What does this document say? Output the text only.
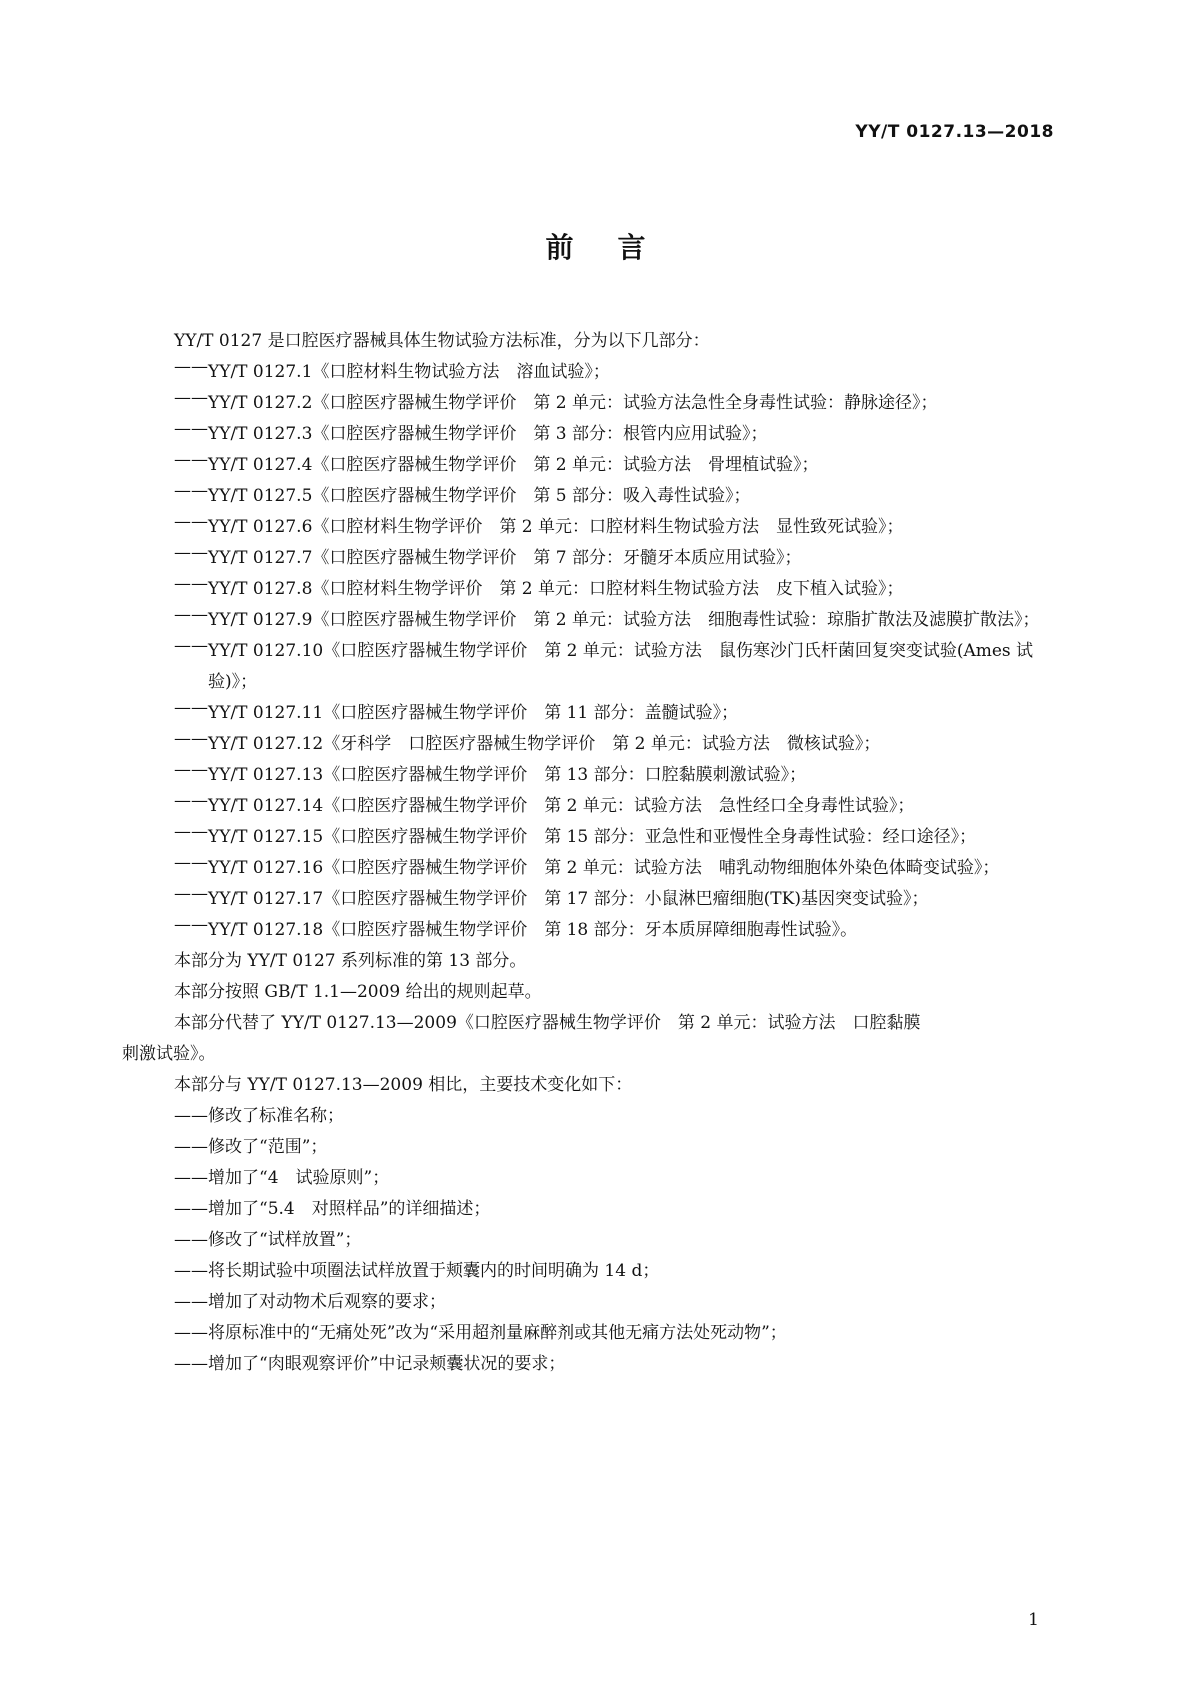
YY/T 0127.13—2018
前言
YY/T 0127 是口腔医疗器械具体生物试验方法标准，分为以下几部分：
—— YY/T 0127.1《口腔材料生物试验方法　溶血试验》；
—— YY/T 0127.2《口腔医疗器械生物学评价　第 2 单元：试验方法急性全身毒性试验：静脉途径》；
—— YY/T 0127.3《口腔医疗器械生物学评价　第 3 部分：根管内应用试验》；
—— YY/T 0127.4《口腔医疗器械生物学评价　第 2 单元：试验方法　骨埋植试验》；
—— YY/T 0127.5《口腔医疗器械生物学评价　第 5 部分：吸入毒性试验》；
—— YY/T 0127.6《口腔材料生物学评价　第 2 单元：口腔材料生物试验方法　显性致死试验》；
—— YY/T 0127.7《口腔医疗器械生物学评价　第 7 部分：牙髓牙本质应用试验》；
—— YY/T 0127.8《口腔材料生物学评价　第 2 单元：口腔材料生物试验方法　皮下植入试验》；
—— YY/T 0127.9《口腔医疗器械生物学评价　第 2 单元：试验方法　细胞毒性试验：琼脂扩散法及滤膜扩散法》；
—— YY/T 0127.10《口腔医疗器械生物学评价　第 2 单元：试验方法　鼠伤寒沙门氏杆菌回复突变试验(Ames 试验)》；
—— YY/T 0127.11《口腔医疗器械生物学评价　第 11 部分：盖髓试验》；
—— YY/T 0127.12《牙科学　口腔医疗器械生物学评价　第 2 单元：试验方法　微核试验》；
—— YY/T 0127.13《口腔医疗器械生物学评价　第 13 部分：口腔黏膜刺激试验》；
—— YY/T 0127.14《口腔医疗器械生物学评价　第 2 单元：试验方法　急性经口全身毒性试验》；
—— YY/T 0127.15《口腔医疗器械生物学评价　第 15 部分：亚急性和亚慢性全身毒性试验：经口途径》；
—— YY/T 0127.16《口腔医疗器械生物学评价　第 2 单元：试验方法　哺乳动物细胞体外染色体畸变试验》；
—— YY/T 0127.17《口腔医疗器械生物学评价　第 17 部分：小鼠淋巴瘤细胞(TK)基因突变试验》；
—— YY/T 0127.18《口腔医疗器械生物学评价　第 18 部分：牙本质屏障细胞毒性试验》。
本部分为 YY/T 0127 系列标准的第 13 部分。
本部分按照 GB/T 1.1—2009 给出的规则起草。
本部分代替了 YY/T 0127.13—2009《口腔医疗器械生物学评价　第 2 单元：试验方法　口腔黏膜
刺激试验》。
本部分与 YY/T 0127.13—2009 相比，主要技术变化如下：
——修改了标准名称；
——修改了“范围”；
——增加了“4　试验原则”；
——增加了“5.4　对照样品”的详细描述；
——修改了“试样放置”；
——将长期试验中项圈法试样放置于颊囊内的时间明确为 14 d；
——增加了对动物术后观察的要求；
——将原标准中的“无痛处死”改为“采用超剂量麻醉剂或其他无痛方法处死动物”；
——增加了“肉眼观察评价”中记录颊囊状况的要求；
1
